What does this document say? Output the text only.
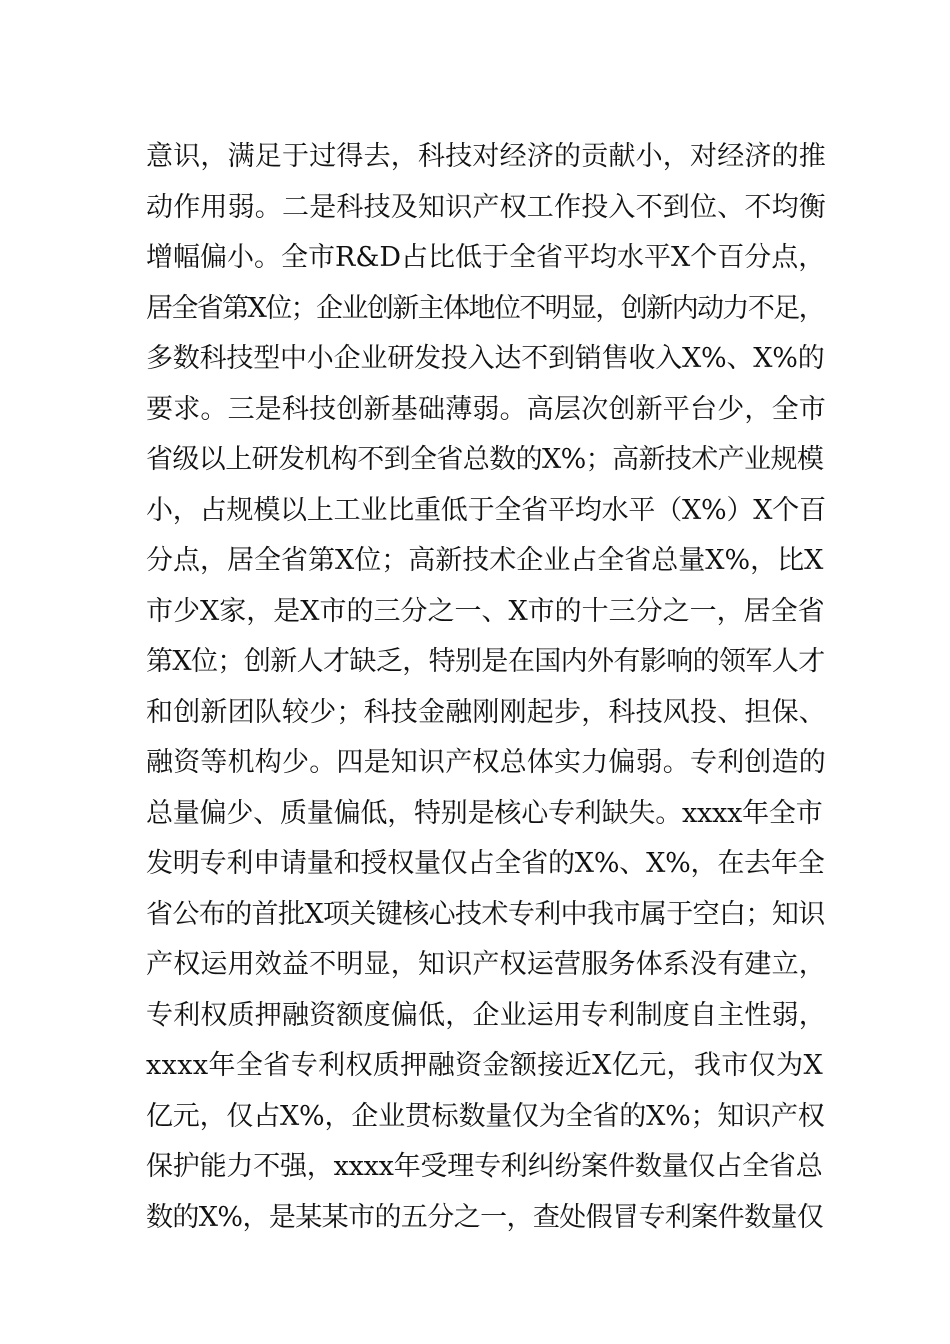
意识，满足于过得去，科技对经济的贡献小，对经济的推

动作用弱。二是科技及知识产权工作投入不到位、不均衡

增幅偏小。全市R&D占比低于全省平均水平X个百分点，

居全省第X位；企业创新主体地位不明显，创新内动力不足，

多数科技型中小企业研发投入达不到销售收入X%、X%的

要求。三是科技创新基础薄弱。高层次创新平台少，全市

省级以上研发机构不到全省总数的X%；高新技术产业规模

小，占规模以上工业比重低于全省平均水平（X%）X个百

分点，居全省第X位；高新技术企业占全省总量X%，比X

市少X家，是X市的三分之一、X市的十三分之一，居全省

第X位；创新人才缺乏，特别是在国内外有影响的领军人才

和创新团队较少；科技金融刚刚起步，科技风投、担保、

融资等机构少。四是知识产权总体实力偏弱。专利创造的

总量偏少、质量偏低，特别是核心专利缺失。xxxx年全市

发明专利申请量和授权量仅占全省的X%、X%，在去年全

省公布的首批X项关键核心技术专利中我市属于空白；知识

产权运用效益不明显，知识产权运营服务体系没有建立，

专利权质押融资额度偏低，企业运用专利制度自主性弱，

xxxx年全省专利权质押融资金额接近X亿元，我市仅为X

亿元，仅占X%，企业贯标数量仅为全省的X%；知识产权

保护能力不强，xxxx年受理专利纠纷案件数量仅占全省总

数的X%，是某某市的五分之一，查处假冒专利案件数量仅
